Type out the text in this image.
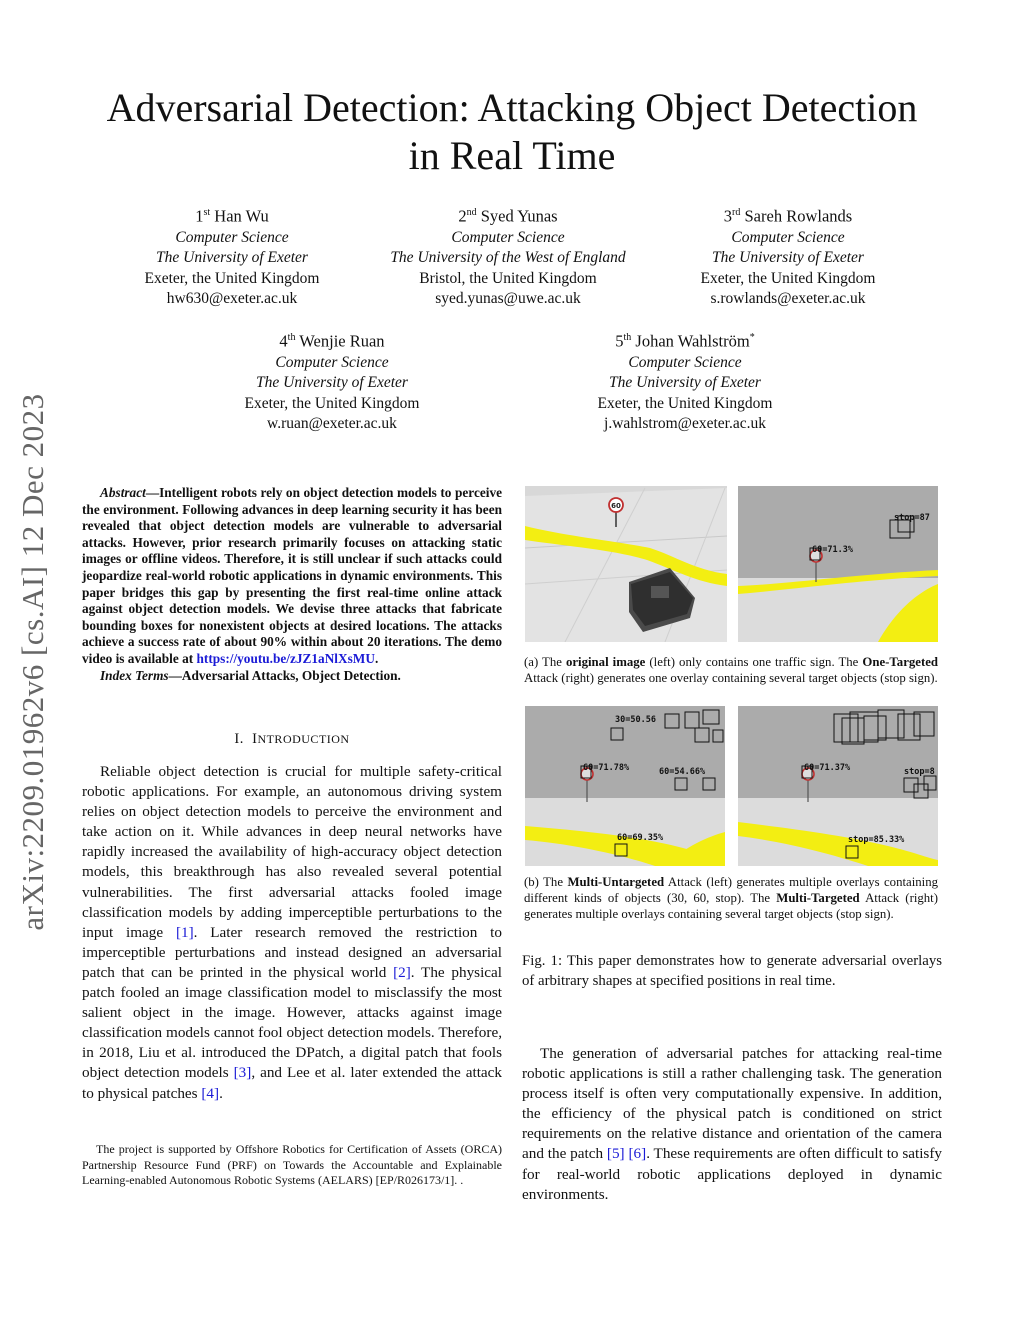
arXiv:2209.01962v6 [cs.AI] 12 Dec 2023
Adversarial Detection: Attacking Object Detection
in Real Time
1st Han Wu
Computer Science
The University of Exeter
Exeter, the United Kingdom
hw630@exeter.ac.uk
2nd Syed Yunas
Computer Science
The University of the West of England
Bristol, the United Kingdom
syed.yunas@uwe.ac.uk
3rd Sareh Rowlands
Computer Science
The University of Exeter
Exeter, the United Kingdom
s.rowlands@exeter.ac.uk
4th Wenjie Ruan
Computer Science
The University of Exeter
Exeter, the United Kingdom
w.ruan@exeter.ac.uk
5th Johan Wahlström*
Computer Science
The University of Exeter
Exeter, the United Kingdom
j.wahlstrom@exeter.ac.uk
Abstract—Intelligent robots rely on object detection models to perceive the environment. Following advances in deep learning security it has been revealed that object detection models are vulnerable to adversarial attacks. However, prior research primarily focuses on attacking static images or offline videos. Therefore, it is still unclear if such attacks could jeopardize real-world robotic applications in dynamic environments. This paper bridges this gap by presenting the first real-time online attack against object detection models. We devise three attacks that fabricate bounding boxes for nonexistent objects at desired locations. The attacks achieve a success rate of about 90% within about 20 iterations. The demo video is available at https://youtu.be/zJZ1aNlXsMU.
Index Terms—Adversarial Attacks, Object Detection.
I. INTRODUCTION

Reliable object detection is crucial for multiple safety-critical robotic applications. For example, an autonomous driving system relies on object detection models to perceive the environment and take action on it. While advances in deep neural networks have rapidly increased the availability of high-accuracy object detection models, this breakthrough has also revealed several potential vulnerabilities. The first adversarial attacks fooled image classification models by adding imperceptible perturbations to the input image [1]. Later research removed the restriction to imperceptible perturbations and instead designed an adversarial patch that can be printed in the physical world [2]. The physical patch fooled an image classification model to misclassify the most salient object in the image. However, attacks against image classification models cannot fool object detection models. Therefore, in 2018, Liu et al. introduced the DPatch, a digital patch that fools object detection models [3], and Lee et al. later extended the attack to physical patches [4].

The project is supported by Offshore Robotics for Certification of Assets (ORCA) Partnership Resource Fund (PRF) on Towards the Accountable and Explainable Learning-enabled Autonomous Robotic Systems (AELARS) [EP/R026173/1]. .

60
60=71.3%
stop=87
(a) The original image (left) only contains one traffic sign. The One-Targeted Attack (right) generates one overlay containing several target objects (stop sign).
60=71.78%
30=50.56
60=54.66%
60=69.35%
60=71.37%	stop=8
stop=85.33%
(b) The Multi-Untargeted Attack (left) generates multiple overlays containing different kinds of objects (30, 60, stop). The Multi-Targeted Attack (right) generates multiple overlays containing several target objects (stop sign).
Fig. 1: This paper demonstrates how to generate adversarial overlays of arbitrary shapes at specified positions in real time.

The generation of adversarial patches for attacking real-time robotic applications is still a rather challenging task. The generation process itself is often very computationally expensive. In addition, the efficiency of the physical patch is conditioned on strict requirements on the relative distance and orientation of the camera and the patch [5] [6]. These requirements are often difficult to satisfy for real-world robotic applications deployed in dynamic environments.
